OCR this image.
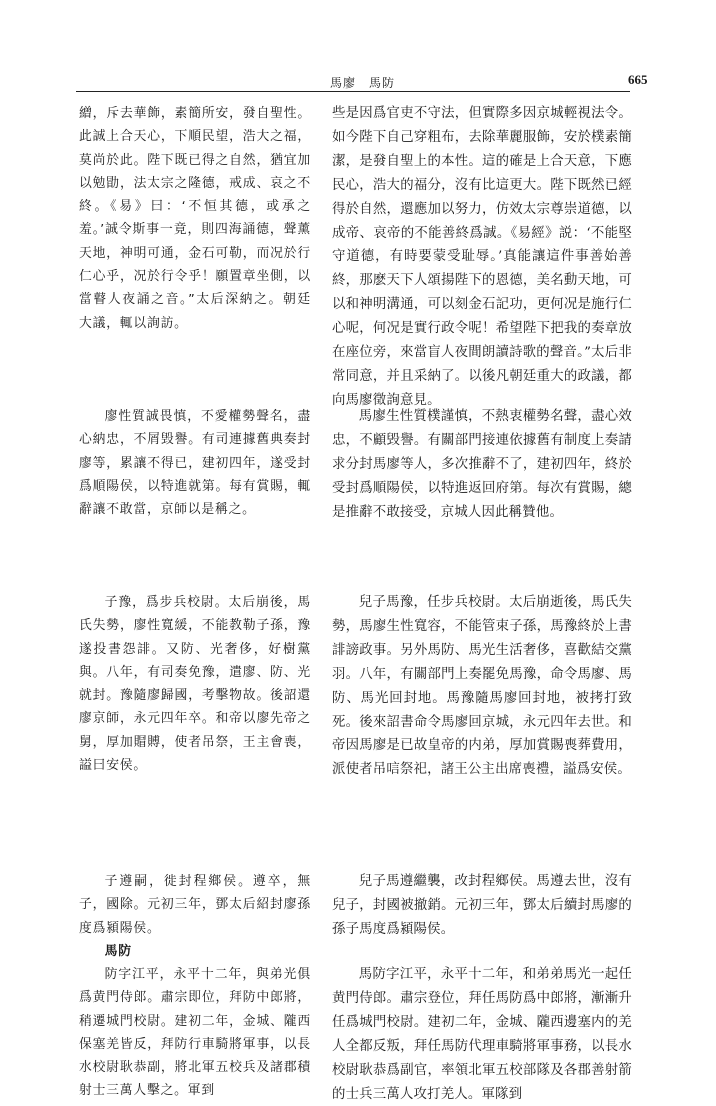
馬廖　馬防	665

繒，斥去華飾，素簡所安，發自聖性。此誠上合天心，下順民望，浩大之福，莫尚於此。陛下既已得之自然，猶宜加以勉勖，法太宗之隆德，戒成、哀之不終。《易》曰：‘不恒其德，或承之羞。’誠令斯事一竟，則四海誦德，聲薰天地，神明可通，金石可勒，而况於行仁心乎，况於行令乎！願置章坐側，以當瞽人夜誦之音。”太后深納之。朝廷大議，輒以詢訪。

廖性質誠畏慎，不愛權勢聲名，盡心納忠，不屑毁譽。有司連據舊典奏封廖等，累讓不得已，建初四年，遂受封爲順陽侯，以特進就第。每有賞賜，輒辭讓不敢當，京師以是稱之。

子豫，爲步兵校尉。太后崩後，馬氏失勢，廖性寬緩，不能教勒子孫，豫遂投書怨誹。又防、光奢侈，好樹黨與。八年，有司奏免豫，遣廖、防、光就封。豫隨廖歸國，考擊物故。後詔還廖京師，永元四年卒。和帝以廖先帝之舅，厚加賵賻，使者吊祭，王主會喪，謚曰安侯。

子遵嗣，徙封程鄉侯。遵卒，無子，國除。元初三年，鄧太后紹封廖孫度爲潁陽侯。

馬防

防字江平，永平十二年，與弟光俱爲黄門侍郎。肅宗即位，拜防中郎將，稍遷城門校尉。建初二年，金城、隴西保塞羌皆反，拜防行車騎將軍事，以長水校尉耿恭副，將北軍五校兵及諸郡積射士三萬人擊之。軍到

些是因爲官吏不守法，但實際多因京城輕視法令。如今陛下自己穿粗布，去除華麗服飾，安於樸素簡潔，是發自聖上的本性。這的確是上合天意，下應民心，浩大的福分，沒有比這更大。陛下既然已經得於自然，還應加以努力，仿效太宗尊崇道德，以成帝、哀帝的不能善終爲誠。《易經》説：‘不能堅守道德，有時要蒙受耻辱。’真能讓這件事善始善終，那麽天下人頌揚陛下的恩德，美名動天地，可以和神明溝通，可以刻金石記功，更何况是施行仁心呢，何况是實行政令呢！希望陛下把我的奏章放在座位旁，來當盲人夜間朗讀詩歌的聲音。”太后非常同意，并且采納了。以後凡朝廷重大的政議，都向馬廖徵詢意見。

馬廖生性質樸謹慎，不熱衷權勢名聲，盡心效忠，不顧毁譽。有關部門接連依據舊有制度上奏請求分封馬廖等人，多次推辭不了，建初四年，終於受封爲順陽侯，以特進返回府第。每次有賞賜，總是推辭不敢接受，京城人因此稱贊他。

兒子馬豫，任步兵校尉。太后崩逝後，馬氏失勢，馬廖生性寬容，不能管束子孫，馬豫終於上書誹謗政事。另外馬防、馬光生活奢侈，喜歡結交黨羽。八年，有關部門上奏罷免馬豫，命令馬廖、馬防、馬光回封地。馬豫隨馬廖回封地，被拷打致死。後來詔書命令馬廖回京城，永元四年去世。和帝因馬廖是已故皇帝的内弟，厚加賞賜喪葬費用，派使者吊唁祭祀，諸王公主出席喪禮，謚爲安侯。

兒子馬遵繼襲，改封程鄉侯。馬遵去世，沒有兒子，封國被撤銷。元初三年，鄧太后續封馬廖的孫子馬度爲潁陽侯。

馬防字江平，永平十二年，和弟弟馬光一起任黄門侍郎。肅宗登位，拜任馬防爲中郎將，漸漸升任爲城門校尉。建初二年，金城、隴西邊塞内的羌人全都反叛，拜任馬防代理車騎將軍事務，以長水校尉耿恭爲副官，率領北軍五校部隊及各郡善射箭的士兵三萬人攻打羌人。軍隊到
